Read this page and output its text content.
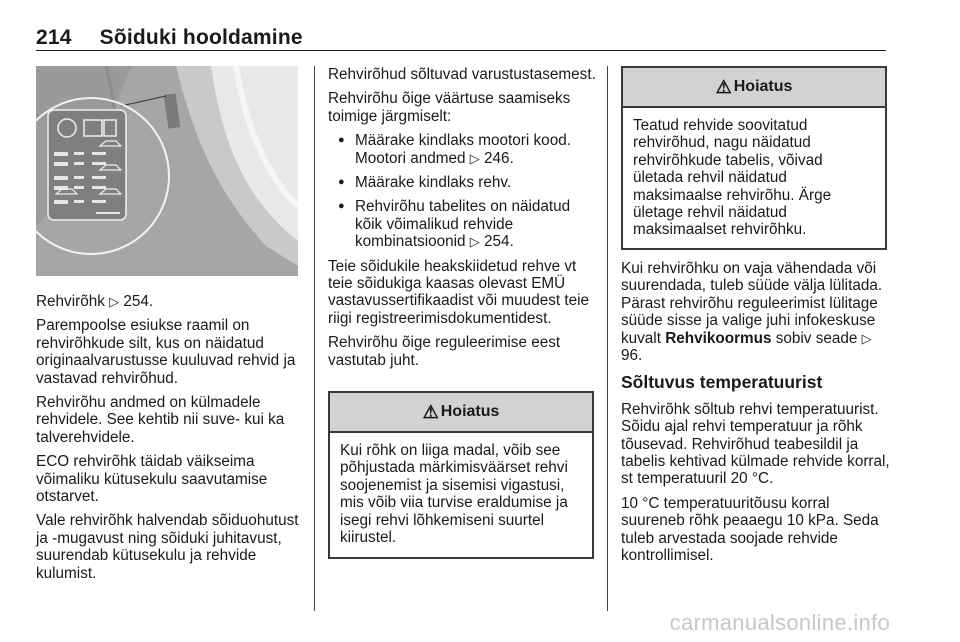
214 Sõiduki hooldamine

Rehvirõhk ▷ 254.

Parempoolse esiukse raamil on rehvirõhkude silt, kus on näidatud originaalvarustusse kuuluvad rehvid ja vastavad rehvirõhud.

Rehvirõhu andmed on külmadele rehvidele. See kehtib nii suve- kui ka talverehvidele.

ECO rehvirõhk täidab väikseima võimaliku kütusekulu saavutamise otstarvet.

Vale rehvirõhk halvendab sõiduohutust ja -mugavust ning sõiduki juhitavust, suurendab kütusekulu ja rehvide kulumist.

Rehvirõhud sõltuvad varustustasemest.

Rehvirõhu õige väärtuse saamiseks toimige järgmiselt:

● Määrake kindlaks mootori kood. Mootori andmed ▷ 246.
● Määrake kindlaks rehv.
● Rehvirõhu tabelites on näidatud kõik võimalikud rehvide kombinatsioonid ▷ 254.

Teie sõidukile heakskiidetud rehve vt teie sõidukiga kaasas olevast EMÜ vastavussertifikaadist või muudest teie riigi registreerimisdokumentidest.

Rehvirõhu õige reguleerimise eest vastutab juht.

⚠ Hoiatus
Kui rõhk on liiga madal, võib see põhjustada märkimisväärset rehvi soojenemist ja sisemisi vigastusi, mis võib viia turvise eraldumise ja isegi rehvi lõhkemiseni suurtel kiirustel.
⚠ Hoiatus
Teatud rehvide soovitatud rehvirõhud, nagu näidatud rehvirõhkude tabelis, võivad ületada rehvil näidatud maksimaalse rehvirõhu. Ärge ületage rehvil näidatud maksimaalset rehvirõhku.

Kui rehvirõhku on vaja vähendada või suurendada, tuleb süüde välja lülitada. Pärast rehvirõhu reguleerimist lülitage süüde sisse ja valige juhi infokeskuse kuvalt Rehvikoormus sobiv seade ▷ 96.

Sõltuvus temperatuurist

Rehvirõhk sõltub rehvi temperatuurist. Sõidu ajal rehvi temperatuur ja rõhk tõusevad. Rehvirõhud teabesildil ja tabelis kehtivad külmade rehvide korral, st temperatuuril 20 °C.

10 °C temperatuuritõusu korral suureneb rõhk peaaegu 10 kPa. Seda tuleb arvestada soojade rehvide kontrollimisel.

carmanualsonline.info
